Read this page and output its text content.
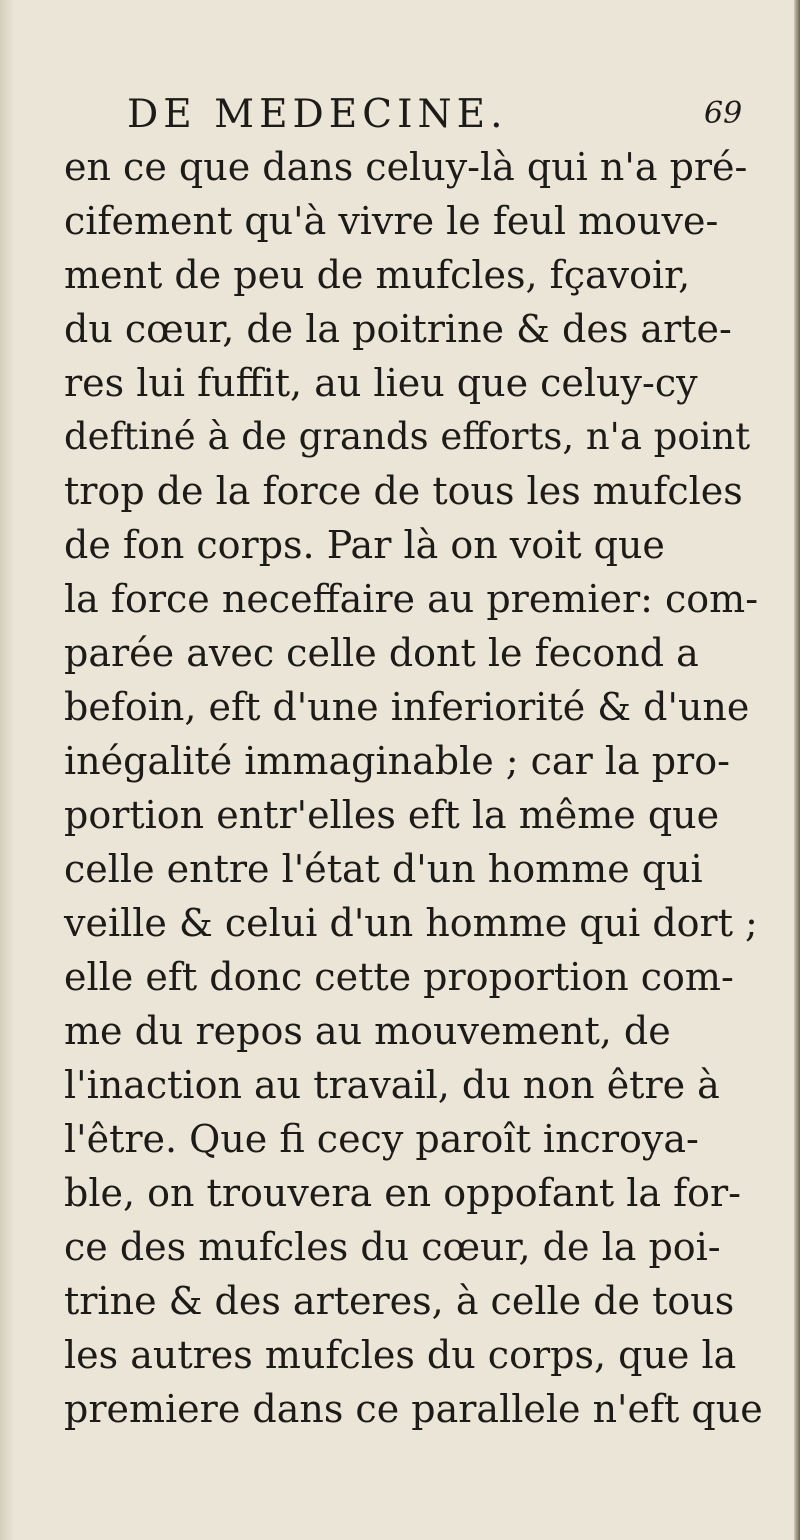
DE MEDECINE.	69
en ce que dans celuy-là qui n'a pré-
cifement qu'à vivre le feul mouve-
ment de peu de mufcles, fçavoir,
du cœur, de la poitrine & des arte-
res lui fuffit, au lieu que celuy-cy
deftiné à de grands efforts, n'a point
trop de la force de tous les mufcles
de fon corps. Par là on voit que
la force neceffaire au premier: com-
parée avec celle dont le fecond a
befoin, eft d'une inferiorité & d'une
inégalité immaginable ; car la pro-
portion entr'elles eft la même que
celle entre l'état d'un homme qui
veille & celui d'un homme qui dort ;
elle eft donc cette proportion com-
me du repos au mouvement, de
l'inaction au travail, du non être à
l'être. Que fi cecy paroît incroya-
ble, on trouvera en oppofant la for-
ce des mufcles du cœur, de la poi-
trine & des arteres, à celle de tous
les autres mufcles du corps, que la
premiere dans ce parallele n'eft que
